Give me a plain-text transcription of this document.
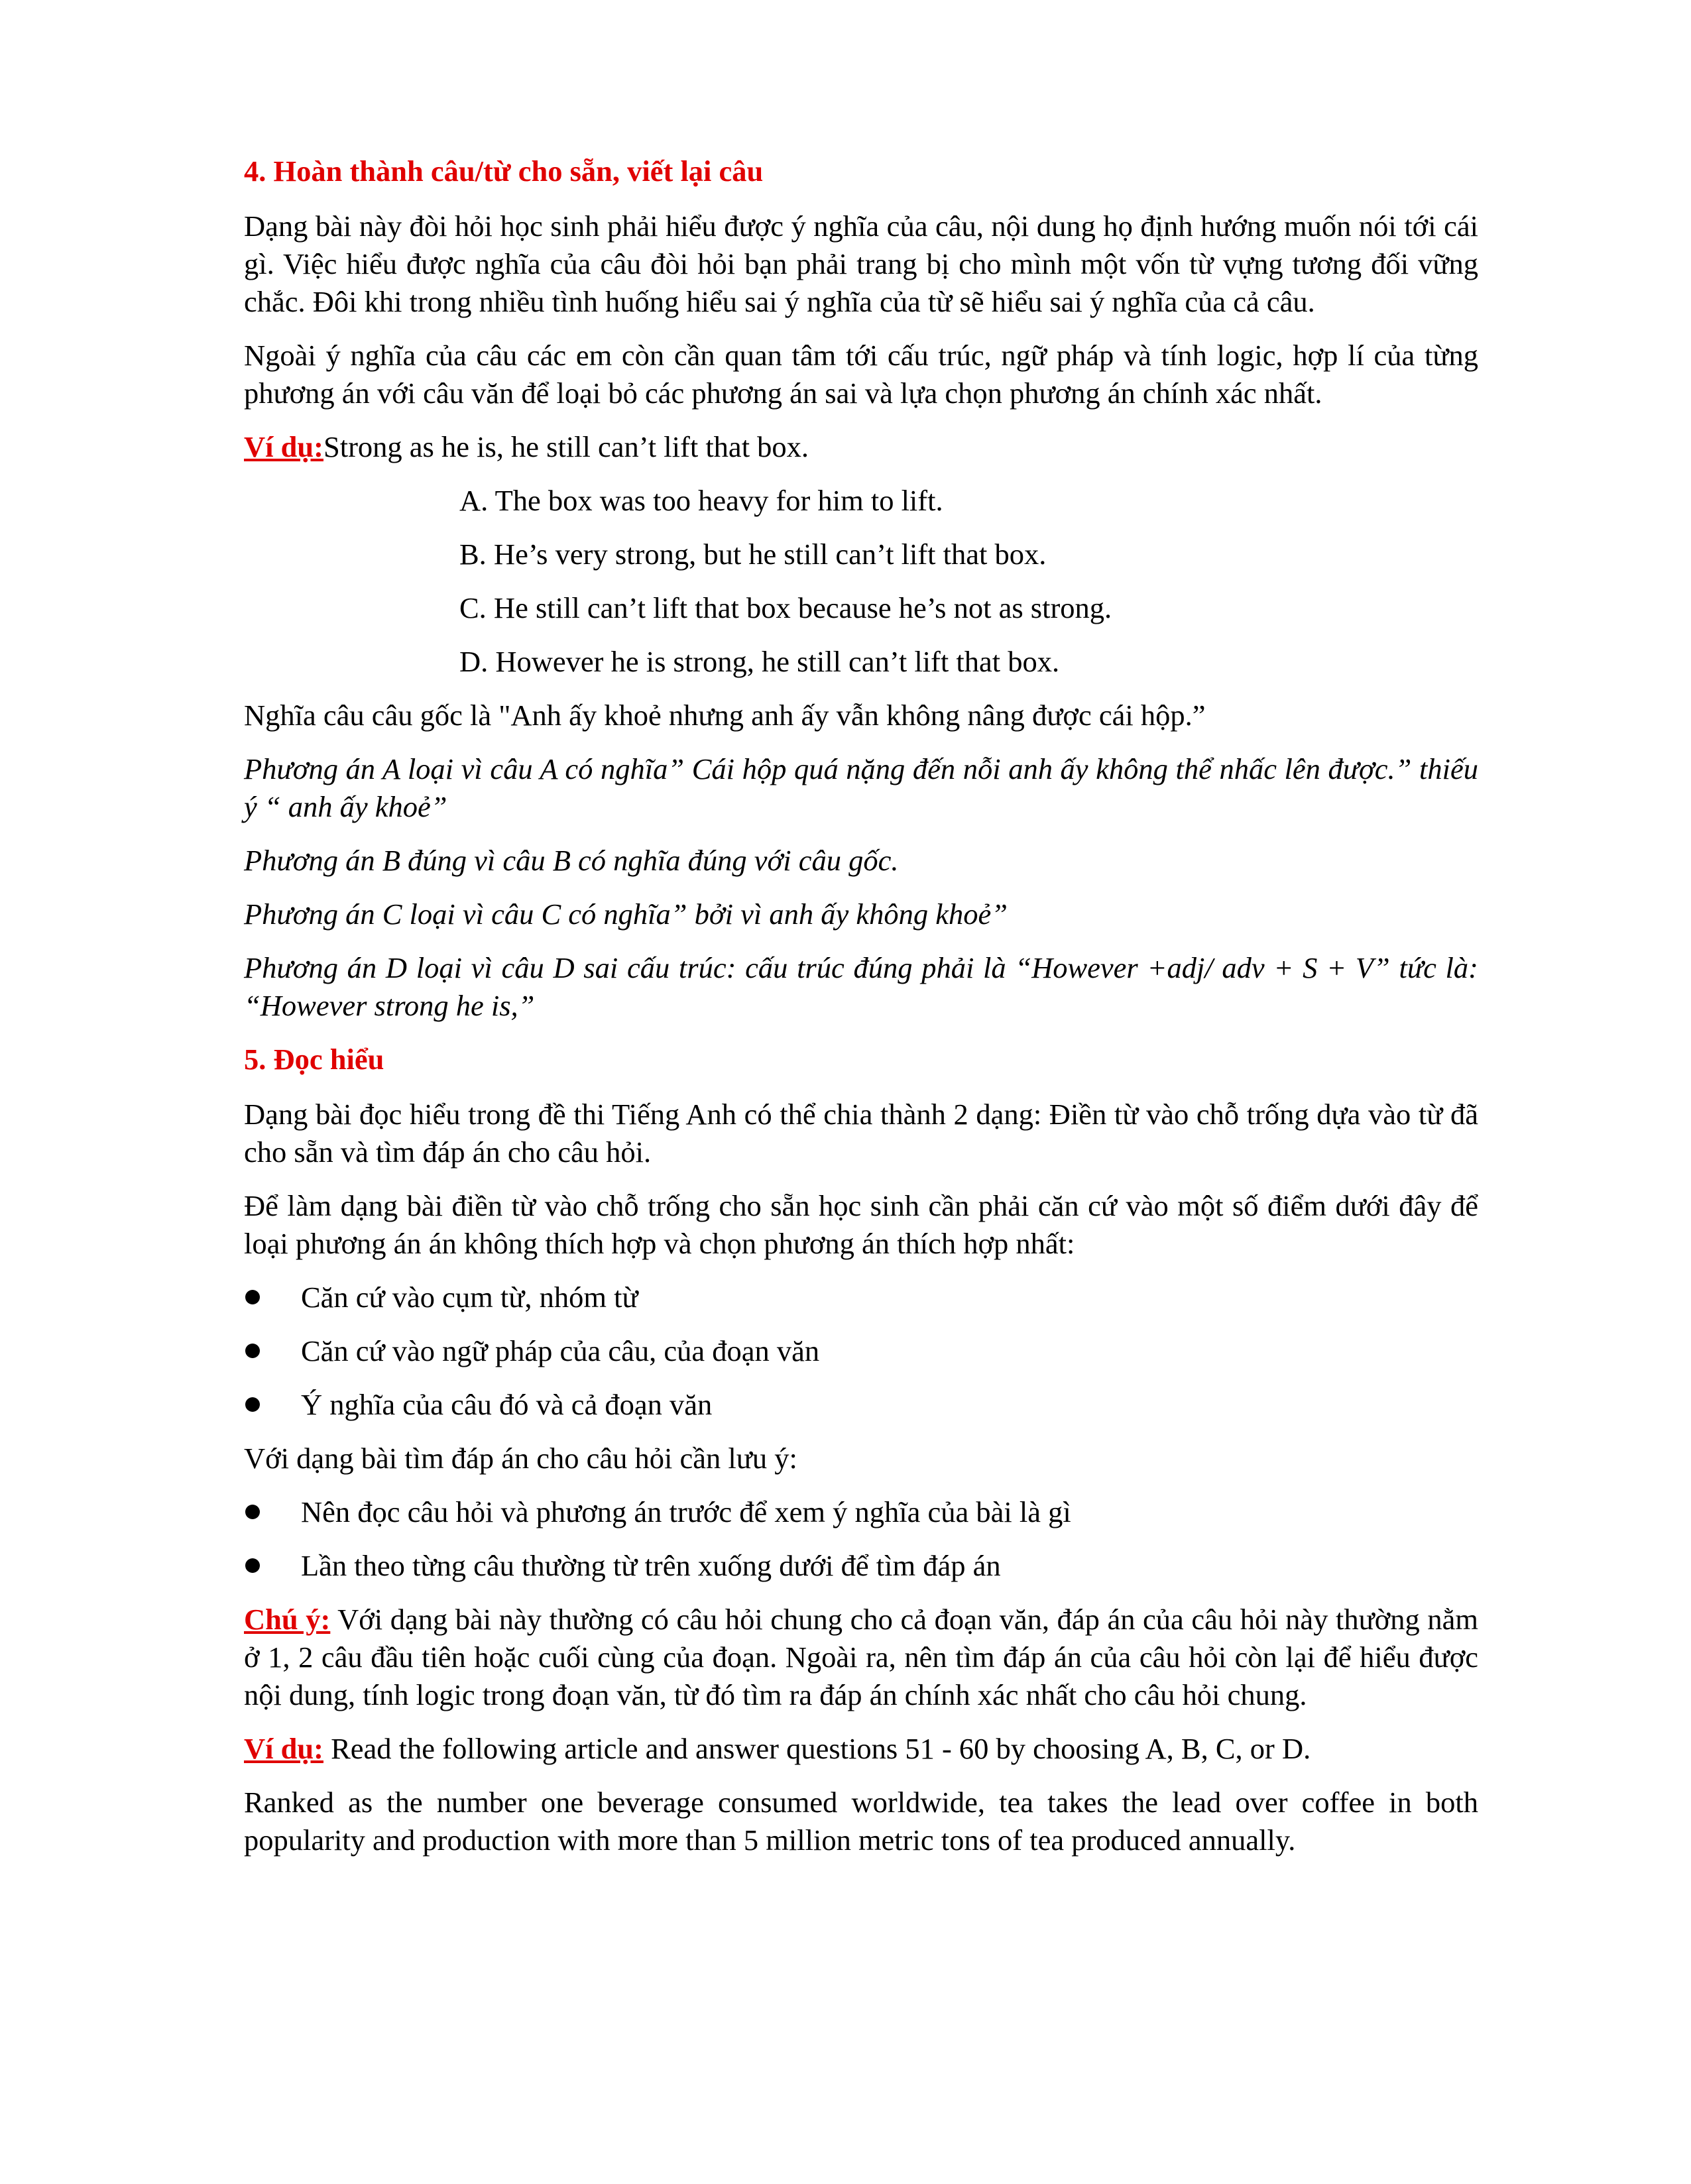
4. Hoàn thành câu/từ cho sẵn, viết lại câu
Dạng bài này đòi hỏi học sinh phải hiểu được ý nghĩa của câu, nội dung họ định hướng muốn nói tới cái gì. Việc hiểu được nghĩa của câu đòi hỏi bạn phải trang bị cho mình một vốn từ vựng tương đối vững chắc. Đôi khi trong nhiều tình huống hiểu sai ý nghĩa của từ sẽ hiểu sai ý nghĩa của cả câu.
Ngoài ý nghĩa của câu các em còn cần quan tâm tới cấu trúc, ngữ pháp và tính logic, hợp lí của từng phương án với câu văn để loại bỏ các phương án sai và lựa chọn phương án chính xác nhất.
Ví dụ:Strong as he is, he still can’t lift that box.
A. The box was too heavy for him to lift.
B. He’s very strong, but he still can’t lift that box.
C. He still can’t lift that box because he’s not as strong.
D. However he is strong, he still can’t lift that box.
Nghĩa câu câu gốc là "Anh ấy khoẻ nhưng anh ấy vẫn không nâng được cái hộp.”
Phương án A loại vì câu A có nghĩa” Cái hộp quá nặng đến nỗi anh ấy không thể nhấc lên được.” thiếu ý “ anh ấy khoẻ”
Phương án B đúng vì câu B có nghĩa đúng với câu gốc.
Phương án C loại vì câu C có nghĩa” bởi vì anh ấy không khoẻ”
Phương án D loại vì câu D sai cấu trúc: cấu trúc đúng phải là “However +adj/ adv + S + V” tức là: “However strong he is,”
5. Đọc hiểu
Dạng bài đọc hiểu trong đề thi Tiếng Anh có thể chia thành 2 dạng: Điền từ vào chỗ trống dựa vào từ đã cho sẵn và tìm đáp án cho câu hỏi.
Để làm dạng bài điền từ vào chỗ trống cho sẵn học sinh cần phải căn cứ vào một số điểm dưới đây để loại phương án án không thích hợp và chọn phương án thích hợp nhất:
Căn cứ vào cụm từ, nhóm từ
Căn cứ vào ngữ pháp của câu, của đoạn văn
Ý nghĩa của câu đó và cả đoạn văn
Với dạng bài tìm đáp án cho câu hỏi cần lưu ý:
Nên đọc câu hỏi và phương án trước để xem ý nghĩa của bài là gì
Lần theo từng câu thường từ trên xuống dưới để tìm đáp án
Chú ý: Với dạng bài này thường có câu hỏi chung cho cả đoạn văn, đáp án của câu hỏi này thường nằm ở 1, 2 câu đầu tiên hoặc cuối cùng của đoạn. Ngoài ra, nên tìm đáp án của câu hỏi còn lại để hiểu được nội dung, tính logic trong đoạn văn, từ đó tìm ra đáp án chính xác nhất cho câu hỏi chung.
Ví dụ: Read the following article and answer questions 51 - 60 by choosing A, B, C, or D.
Ranked as the number one beverage consumed worldwide, tea takes the lead over coffee in both popularity and production with more than 5 million metric tons of tea produced annually.
